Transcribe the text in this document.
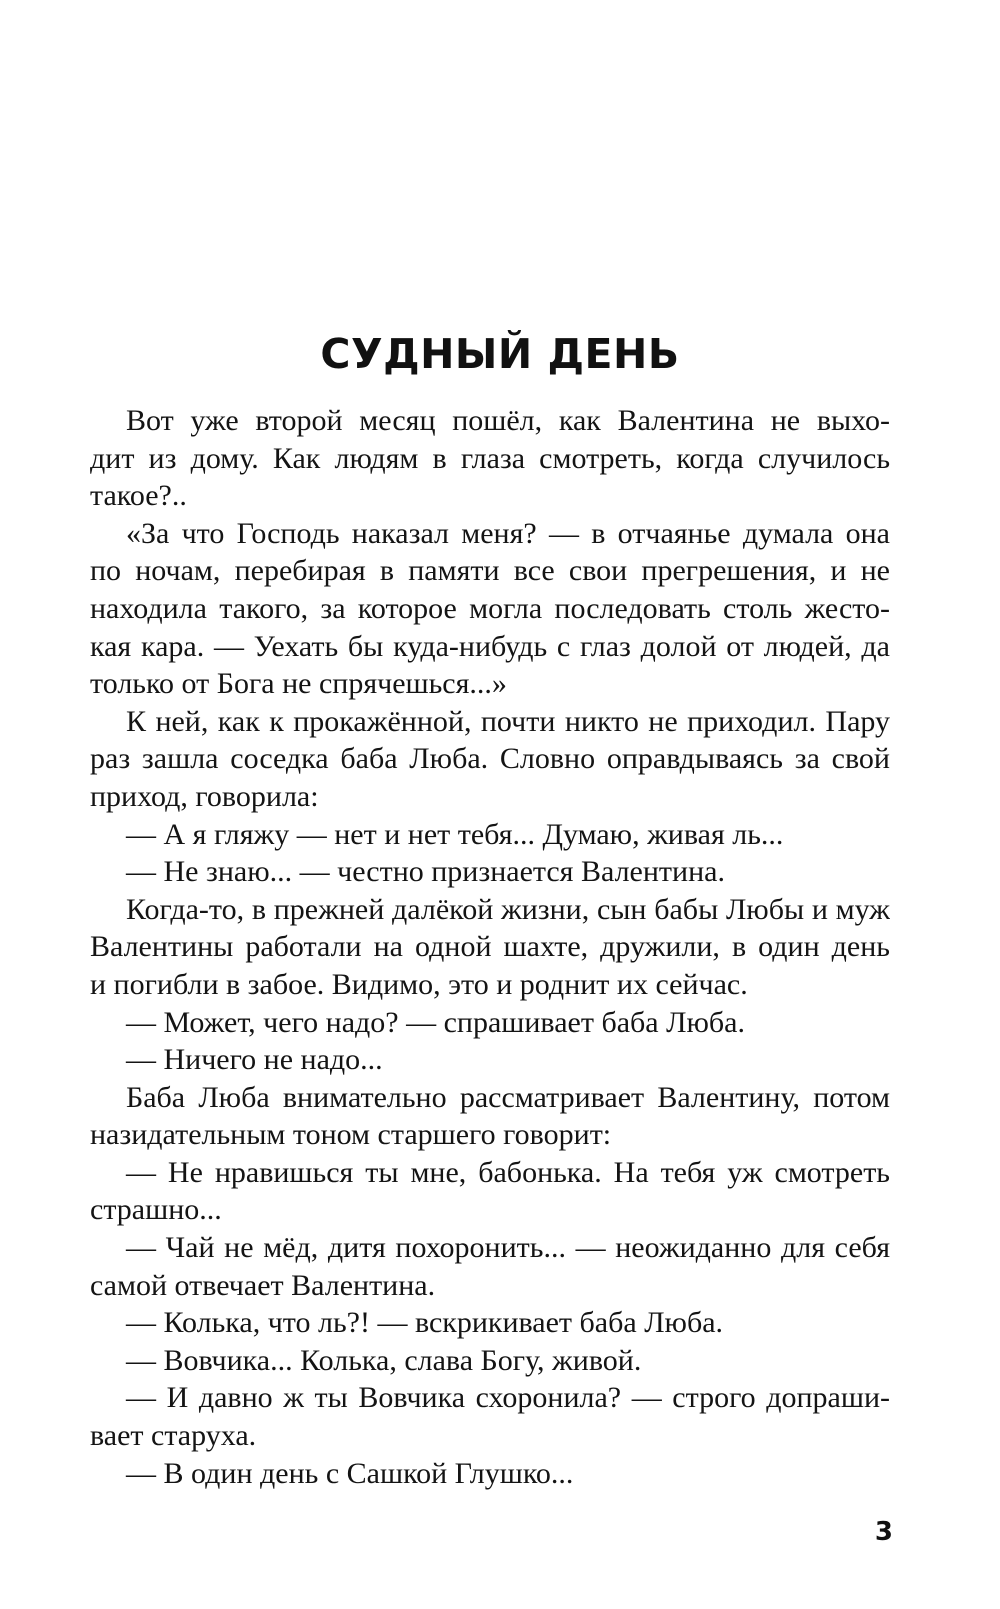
СУДНЫЙ ДЕНЬ
Вот уже второй месяц пошёл, как Валентина не выхо-
дит из дому. Как людям в глаза смотреть, когда случилось
такое?..
«За что Господь наказал меня? — в отчаянье думала она
по ночам, перебирая в памяти все свои прегрешения, и не
находила такого, за которое могла последовать столь жесто-
кая кара. — Уехать бы куда-нибудь с глаз долой от людей, да
только от Бога не спрячешься...»
К ней, как к прокажённой, почти никто не приходил. Пару
раз зашла соседка баба Люба. Словно оправдываясь за свой
приход, говорила:
— А я гляжу — нет и нет тебя... Думаю, живая ль...
— Не знаю... — честно признается Валентина.
Когда-то, в прежней далёкой жизни, сын бабы Любы и муж
Валентины работали на одной шахте, дружили, в один день
и погибли в забое. Видимо, это и роднит их сейчас.
— Может, чего надо? — спрашивает баба Люба.
— Ничего не надо...
Баба Люба внимательно рассматривает Валентину, потом
назидательным тоном старшего говорит:
— Не нравишься ты мне, бабонька. На тебя уж смотреть
страшно...
— Чай не мёд, дитя похоронить... — неожиданно для себя
самой отвечает Валентина.
— Колька, что ль?! — вскрикивает баба Люба.
— Вовчика... Колька, слава Богу, живой.
— И давно ж ты Вовчика схоронила? — строго допраши-
вает старуха.
— В один день с Сашкой Глушко...
3
